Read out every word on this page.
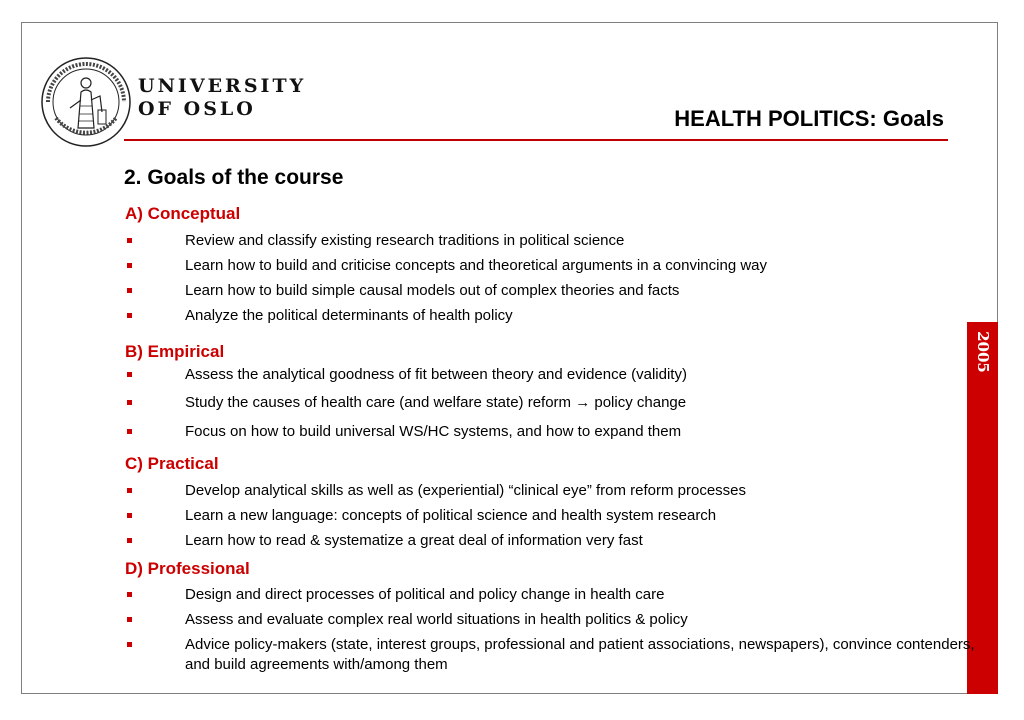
UNIVERSITY
OF OSLO	HEALTH POLITICS: Goals
2005
2. Goals of the course
A) Conceptual
Review and classify existing research traditions in political science
Learn how to build and criticise concepts and theoretical arguments in a convincing way
Learn how to build simple causal models out of complex theories and facts
Analyze the political determinants of health policy
B) Empirical
Assess the analytical goodness of fit between theory and evidence (validity)
Study the causes of health care (and welfare state) reform → policy change
Focus on how to build universal WS/HC systems, and how to expand them
C) Practical
Develop analytical skills as well as (experiential) “clinical eye” from reform processes
Learn a new language: concepts of political science and health system research
Learn how to read & systematize a great deal of information very fast
D) Professional
Design and direct processes of political and policy change in health care
Assess and evaluate complex real world situations in health politics & policy
Advice policy-makers (state, interest groups, professional and patient associations, newspapers), convince contenders, and build agreements with/among them
